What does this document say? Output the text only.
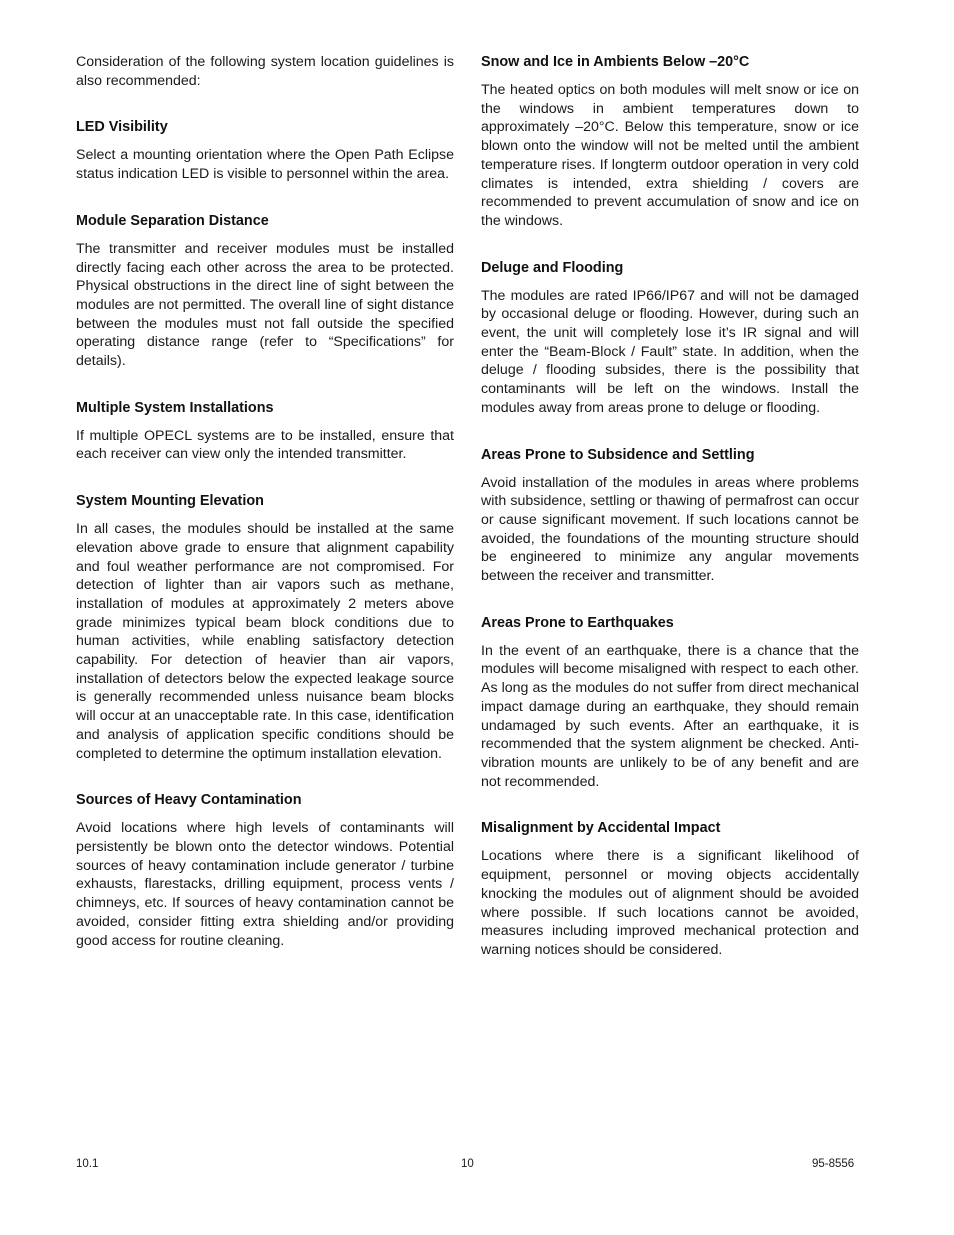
Consideration of the following system location guidelines is also recommended:

LED Visibility

Select a mounting orientation where the Open Path Eclipse status indication LED is visible to personnel within the area.

Module Separation Distance

The transmitter and receiver modules must be installed directly facing each other across the area to be protected. Physical obstructions in the direct line of sight between the modules are not permitted. The overall line of sight distance between the modules must not fall outside the specified operating distance range (refer to “Specifications” for details).

Multiple System Installations

If multiple OPECL systems are to be installed, ensure that each receiver can view only the intended transmitter.

System Mounting Elevation

In all cases, the modules should be installed at the same elevation above grade to ensure that alignment capability and foul weather performance are not compromised. For detection of lighter than air vapors such as methane, installation of modules at approximately 2 meters above grade minimizes typical beam block conditions due to human activities, while enabling satisfactory detection capability. For detection of heavier than air vapors, installation of detectors below the expected leakage source is generally recommended unless nuisance beam blocks will occur at an unacceptable rate. In this case, identification and analysis of application specific conditions should be completed to determine the optimum installation elevation.

Sources of Heavy Contamination

Avoid locations where high levels of contaminants will persistently be blown onto the detector windows. Potential sources of heavy contamination include generator / turbine exhausts, flarestacks, drilling equipment, process vents / chimneys, etc. If sources of heavy contamination cannot be avoided, consider fitting extra shielding and/or providing good access for routine cleaning.

Snow and Ice in Ambients Below –20°C

The heated optics on both modules will melt snow or ice on the windows in ambient temperatures down to approximately –20°C. Below this temperature, snow or ice blown onto the window will not be melted until the ambient temperature rises. If longterm outdoor operation in very cold climates is intended, extra shielding / covers are recommended to prevent accumulation of snow and ice on the windows.

Deluge and Flooding

The modules are rated IP66/IP67 and will not be damaged by occasional deluge or flooding. However, during such an event, the unit will completely lose it’s IR signal and will enter the “Beam-Block / Fault” state. In addition, when the deluge / flooding subsides, there is the possibility that contaminants will be left on the windows. Install the modules away from areas prone to deluge or flooding.

Areas Prone to Subsidence and Settling

Avoid installation of the modules in areas where problems with subsidence, settling or thawing of permafrost can occur or cause significant movement. If such locations cannot be avoided, the foundations of the mounting structure should be engineered to minimize any angular movements between the receiver and transmitter.

Areas Prone to Earthquakes

In the event of an earthquake, there is a chance that the modules will become misaligned with respect to each other. As long as the modules do not suffer from direct mechanical impact damage during an earthquake, they should remain undamaged by such events. After an earthquake, it is recommended that the system alignment be checked. Anti-vibration mounts are unlikely to be of any benefit and are not recommended.

Misalignment by Accidental Impact

Locations where there is a significant likelihood of equipment, personnel or moving objects accidentally knocking the modules out of alignment should be avoided where possible. If such locations cannot be avoided, measures including improved mechanical protection and warning notices should be considered.

10.1	10	95-8556
